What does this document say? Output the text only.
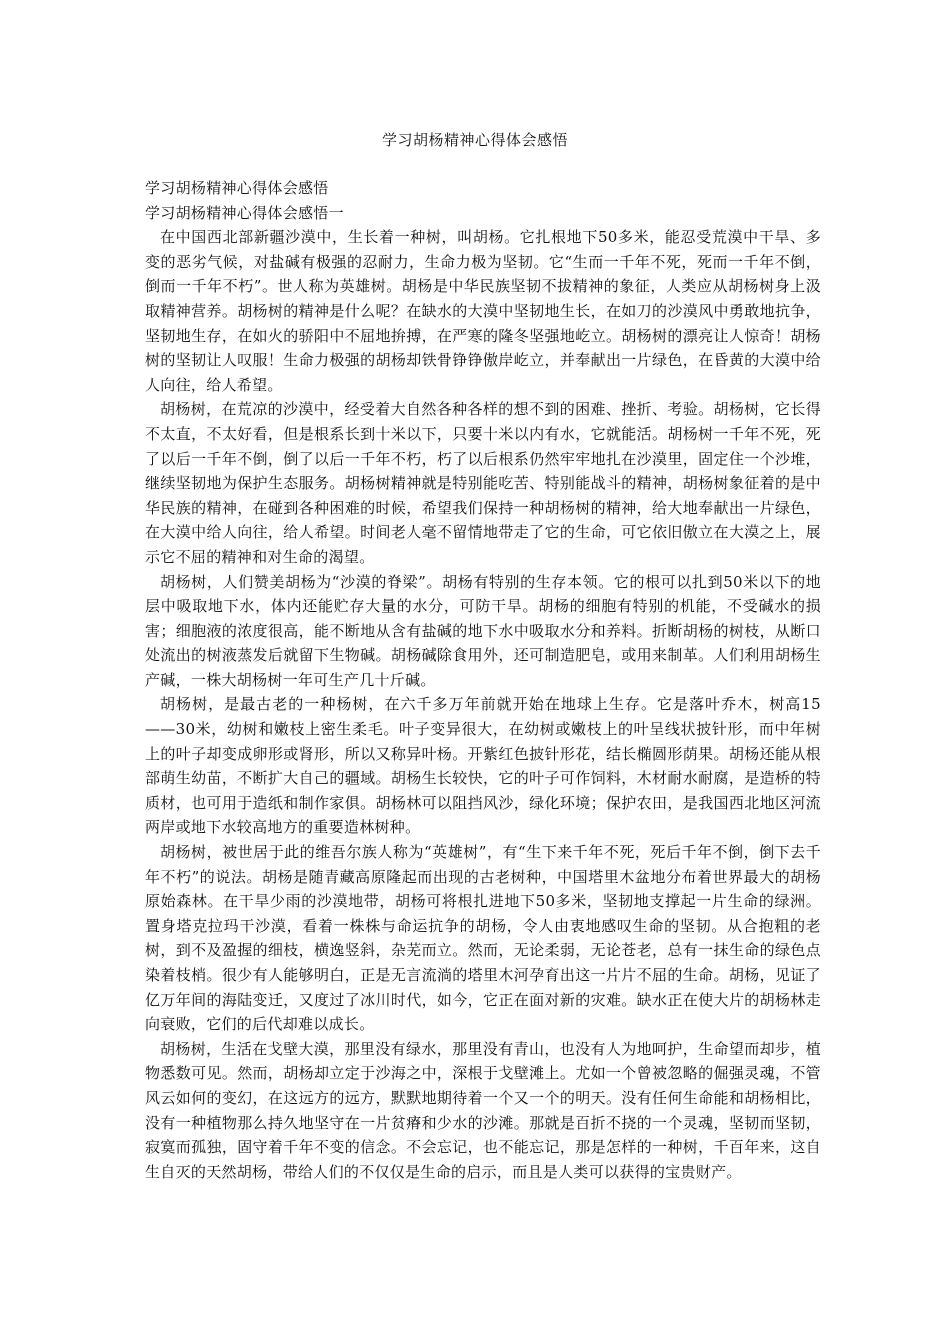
学习胡杨精神心得体会感悟

学习胡杨精神心得体会感悟

学习胡杨精神心得体会感悟一

在中国西北部新疆沙漠中，生长着一种树，叫胡杨。它扎根地下50多米，能忍受荒漠中干旱、多变的恶劣气候，对盐碱有极强的忍耐力，生命力极为坚韧。它“生而一千年不死，死而一千年不倒，倒而一千年不朽”。世人称为英雄树。胡杨是中华民族坚韧不拔精神的象征，人类应从胡杨树身上汲取精神营养。胡杨树的精神是什么呢？在缺水的大漠中坚韧地生长，在如刀的沙漠风中勇敢地抗争，坚韧地生存，在如火的骄阳中不屈地拚搏，在严寒的隆冬坚强地屹立。胡杨树的漂亮让人惊奇！胡杨树的坚韧让人叹服！生命力极强的胡杨却铁骨铮铮傲岸屹立，并奉献出一片绿色，在昏黄的大漠中给人向往，给人希望。

胡杨树，在荒凉的沙漠中，经受着大自然各种各样的想不到的困难、挫折、考验。胡杨树，它长得不太直，不太好看，但是根系长到十米以下，只要十米以内有水，它就能活。胡杨树一千年不死，死了以后一千年不倒，倒了以后一千年不朽，朽了以后根系仍然牢牢地扎在沙漠里，固定住一个沙堆，继续坚韧地为保护生态服务。胡杨树精神就是特别能吃苦、特别能战斗的精神，胡杨树象征着的是中华民族的精神，在碰到各种困难的时候，希望我们保持一种胡杨树的精神，给大地奉献出一片绿色，在大漠中给人向往，给人希望。时间老人毫不留情地带走了它的生命，可它依旧傲立在大漠之上，展示它不屈的精神和对生命的渴望。

胡杨树，人们赞美胡杨为“沙漠的脊梁”。胡杨有特别的生存本领。它的根可以扎到50米以下的地层中吸取地下水，体内还能贮存大量的水分，可防干旱。胡杨的细胞有特别的机能，不受碱水的损害；细胞液的浓度很高，能不断地从含有盐碱的地下水中吸取水分和养料。折断胡杨的树枝，从断口处流出的树液蒸发后就留下生物碱。胡杨碱除食用外，还可制造肥皂，或用来制革。人们利用胡杨生产碱，一株大胡杨树一年可生产几十斤碱。

胡杨树，是最古老的一种杨树，在六千多万年前就开始在地球上生存。它是落叶乔木，树高15——30米，幼树和嫩枝上密生柔毛。叶子变异很大，在幼树或嫩枝上的叶呈线状披针形，而中年树上的叶子却变成卵形或肾形，所以又称异叶杨。开紫红色披针形花，结长椭圆形荫果。胡杨还能从根部萌生幼苗，不断扩大自己的疆域。胡杨生长较快，它的叶子可作饲料，木材耐水耐腐，是造桥的特质材，也可用于造纸和制作家俱。胡杨林可以阻挡风沙，绿化环境；保护农田，是我国西北地区河流两岸或地下水较高地方的重要造林树种。

胡杨树，被世居于此的维吾尔族人称为“英雄树”，有“生下来千年不死，死后千年不倒，倒下去千年不朽”的说法。胡杨是随青藏高原隆起而出现的古老树种，中国塔里木盆地分布着世界最大的胡杨原始森林。在干旱少雨的沙漠地带，胡杨可将根扎进地下50多米，坚韧地支撑起一片生命的绿洲。置身塔克拉玛干沙漠，看着一株株与命运抗争的胡杨，令人由衷地感叹生命的坚韧。从合抱粗的老树，到不及盈握的细枝，横逸竖斜，杂芜而立。然而，无论柔弱，无论苍老，总有一抹生命的绿色点染着枝梢。很少有人能够明白，正是无言流淌的塔里木河孕育出这一片片不屈的生命。胡杨，见证了亿万年间的海陆变迁，又度过了冰川时代，如今，它正在面对新的灾难。缺水正在使大片的胡杨林走向衰败，它们的后代却难以成长。

胡杨树，生活在戈壁大漠，那里没有绿水，那里没有青山，也没有人为地呵护，生命望而却步，植物悉数可见。然而，胡杨却立定于沙海之中，深根于戈壁滩上。尤如一个曾被忽略的倔强灵魂，不管风云如何的变幻，在这远方的远方，默默地期待着一个又一个的明天。没有任何生命能和胡杨相比，没有一种植物那么持久地坚守在一片贫瘠和少水的沙滩。那就是百折不挠的一个灵魂，坚韧而坚韧，寂寞而孤独，固守着千年不变的信念。不会忘记，也不能忘记，那是怎样的一种树，千百年来，这自生自灭的天然胡杨，带给人们的不仅仅是生命的启示，而且是人类可以获得的宝贵财产。
